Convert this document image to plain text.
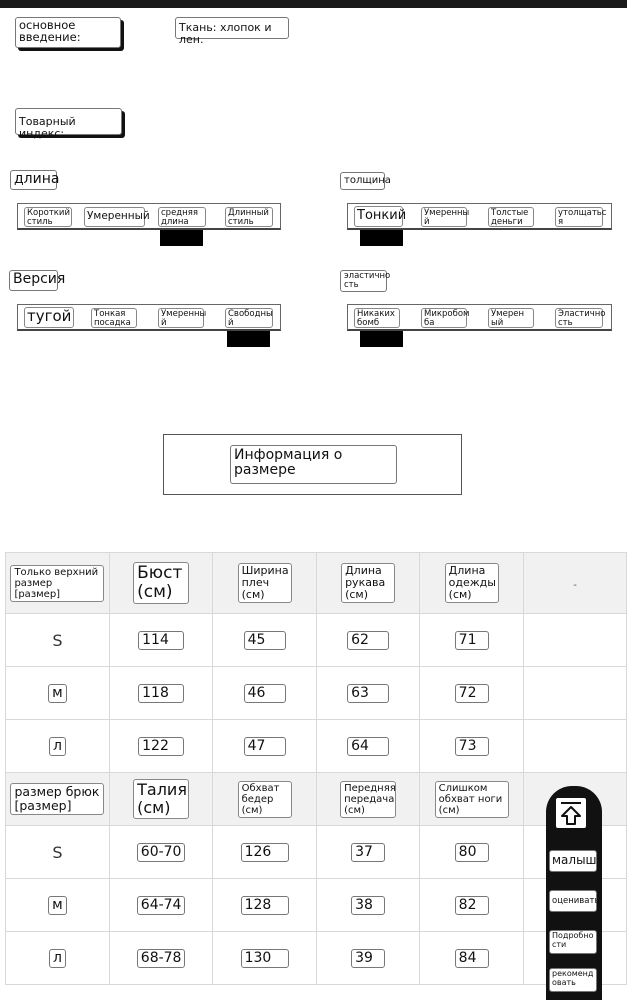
основное введение:
Ткань: хлопок и лен.
Товарный индекс:
длина
Короткий стиль	Умеренный	средняя длина
Длинный стиль
толщина
Тонкий	Умеренны й
Толстые деньги
утолщатьс я
Версия
тугой	Тонкая посадка
Умеренны й
Свободны й
эластично сть
Никаких бомб
Микробом ба
Умерен ый
Эластично сть
Информация о размере
Только верхний размер [размер]	Бюст (см)	Ширина плеч (см)	Длина рукава (см)	Длина одежды (см)	-
S	114	45	62	71	
м	118	46	63	72	
л	122	47	64	73	
размер брюк [размер]	Талия (см)	Обхват бедер (см)	Передняя передача (см)	Слишком обхват ноги (см)	
S	60-70	126	37	80	
м	64-74	128	38	82	
л	68-78	130	39	84	
малыш
оценивать
Подробно сти
рекоменд овать
